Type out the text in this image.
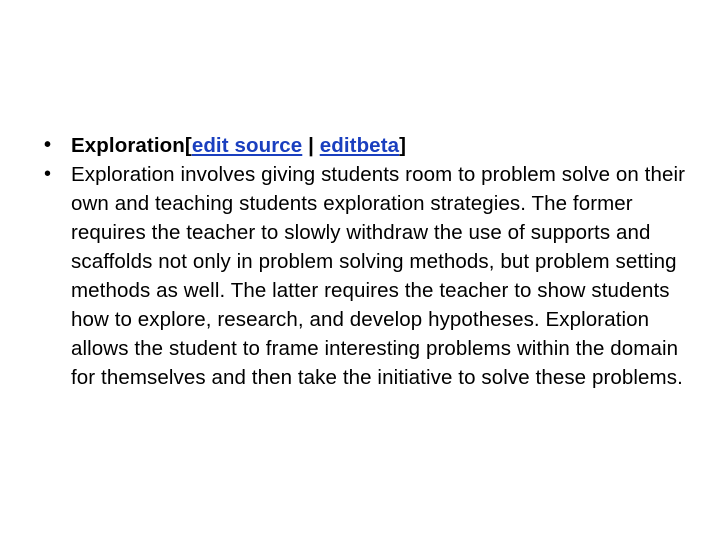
• Exploration[edit source | editbeta]
• Exploration involves giving students room to problem solve on their own and teaching students exploration strategies. The former requires the teacher to slowly withdraw the use of supports and scaffolds not only in problem solving methods, but problem setting methods as well. The latter requires the teacher to show students how to explore, research, and develop hypotheses. Exploration allows the student to frame interesting problems within the domain for themselves and then take the initiative to solve these problems.
